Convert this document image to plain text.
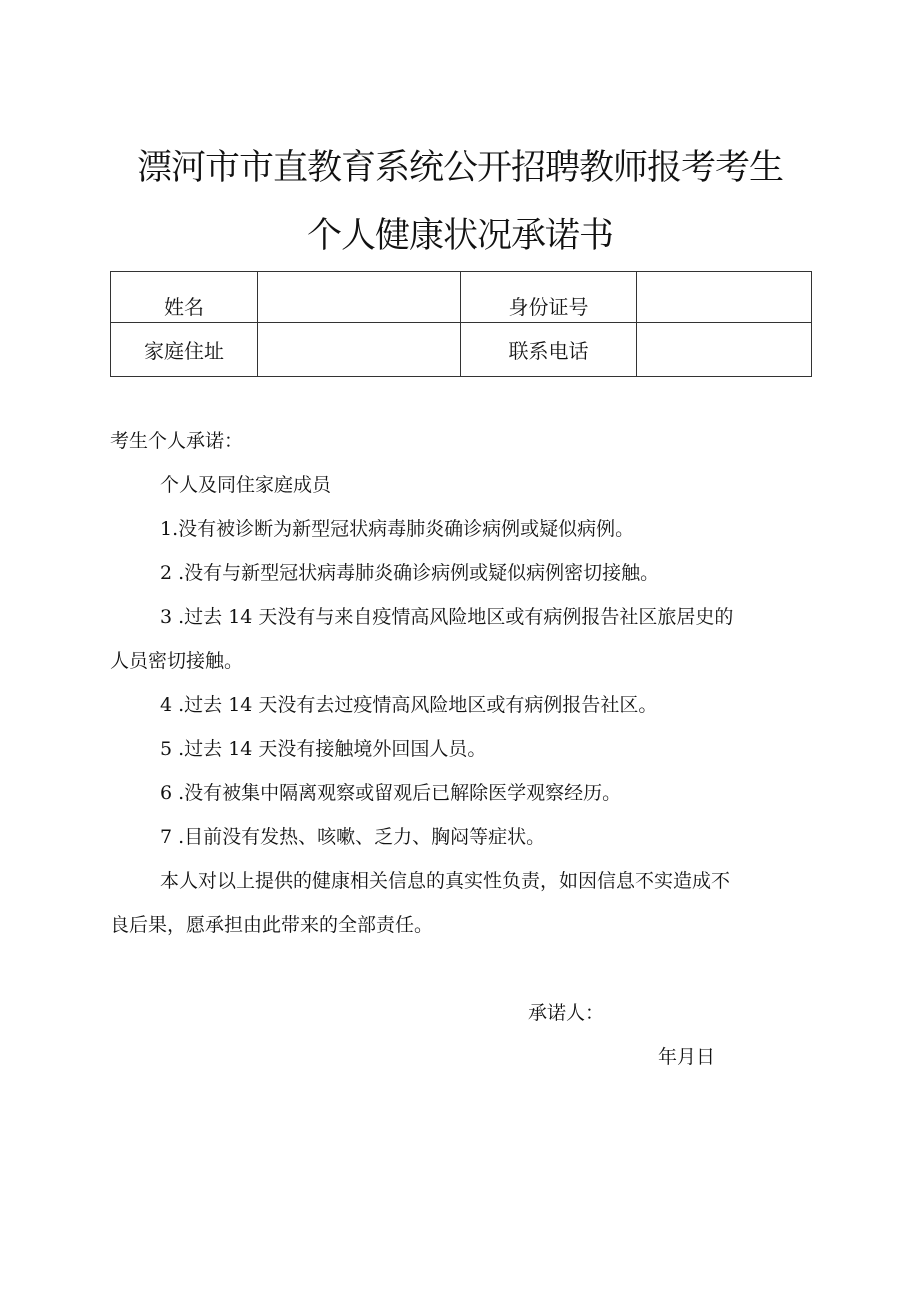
漂河市市直教育系统公开招聘教师报考考生
个人健康状况承诺书
姓名		身份证号	
家庭住址		联系电话	
考生个人承诺：
个人及同住家庭成员
1.没有被诊断为新型冠状病毒肺炎确诊病例或疑似病例。
2 .没有与新型冠状病毒肺炎确诊病例或疑似病例密切接触。
3 .过去 14 天没有与来自疫情高风险地区或有病例报告社区旅居史的
人员密切接触。
4 .过去 14 天没有去过疫情高风险地区或有病例报告社区。
5 .过去 14 天没有接触境外回国人员。
6 .没有被集中隔离观察或留观后已解除医学观察经历。
7 .目前没有发热、咳嗽、乏力、胸闷等症状。
本人对以上提供的健康相关信息的真实性负责，如因信息不实造成不
良后果，愿承担由此带来的全部责任。
承诺人：
年月日
